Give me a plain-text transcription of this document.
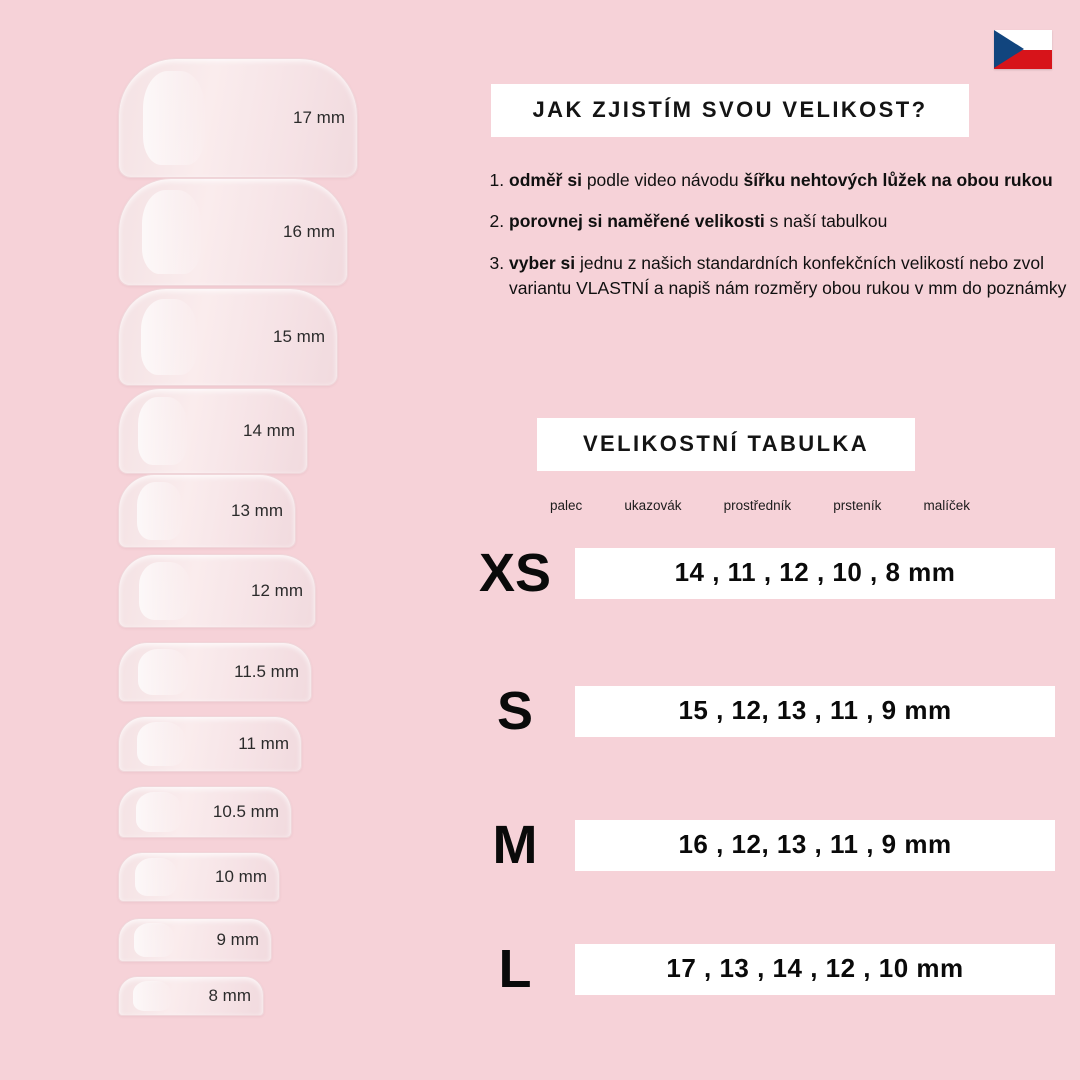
17 mm
16 mm
15 mm
14 mm
13 mm
12 mm
11.5 mm
11 mm
10.5 mm
10 mm
9 mm
8 mm
JAK ZJISTÍM SVOU VELIKOST?
1. odměř si podle video návodu šířku nehtových lůžek na obou rukou
2. porovnej si naměřené velikosti s naší tabulkou
3. vyber si jednu z našich standardních konfekčních velikostí nebo zvol variantu VLASTNÍ a napiš nám rozměry obou rukou v mm do poznámky
VELIKOSTNÍ TABULKA
palec	ukazovák	prostředník	prsteník	malíček
XS	14 , 11 , 12 , 10 , 8 mm
S	15 , 12, 13 , 11 , 9 mm
M	16 , 12, 13 , 11 , 9 mm
L	17 , 13 , 14 , 12 , 10 mm
